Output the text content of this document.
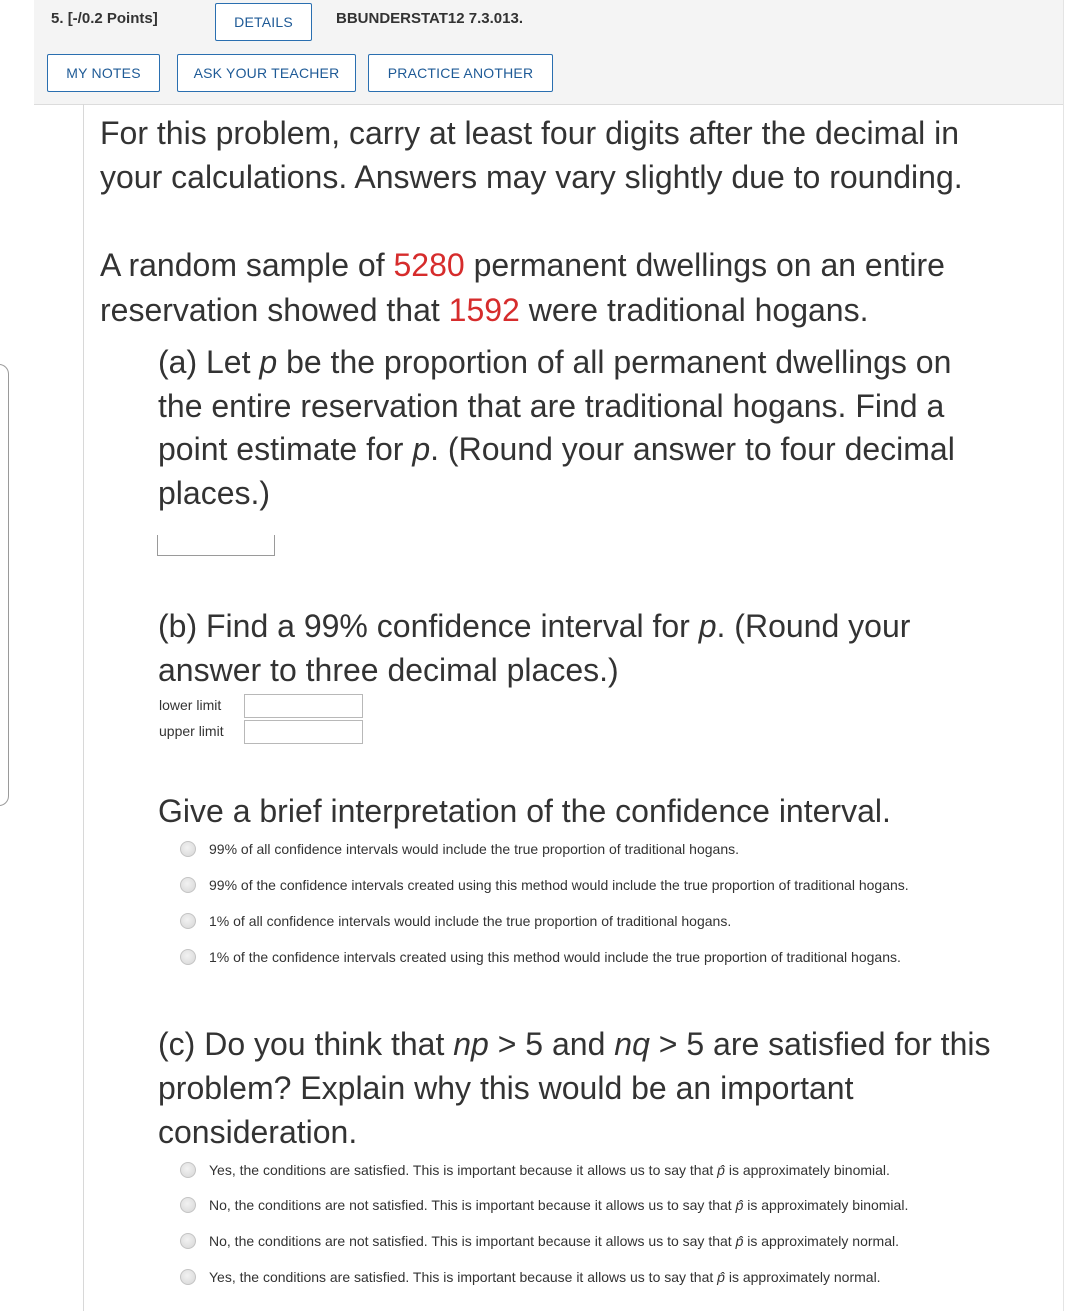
5. [-/0.2 Points]	DETAILS	BBUNDERSTAT12 7.3.013.
MY NOTES	ASK YOUR TEACHER	PRACTICE ANOTHER

For this problem, carry at least four digits after the decimal in

your calculations. Answers may vary slightly due to rounding.

A random sample of 5280 permanent dwellings on an entire

reservation showed that 1592 were traditional hogans.

(a) Let p be the proportion of all permanent dwellings on

the entire reservation that are traditional hogans. Find a

point estimate for p. (Round your answer to four decimal

places.)

(b) Find a 99% confidence interval for p. (Round your

answer to three decimal places.)

lower limit
upper limit

Give a brief interpretation of the confidence interval.

99% of all confidence intervals would include the true proportion of traditional hogans.
99% of the confidence intervals created using this method would include the true proportion of traditional hogans.
1% of all confidence intervals would include the true proportion of traditional hogans.
1% of the confidence intervals created using this method would include the true proportion of traditional hogans.

(c) Do you think that np > 5 and nq > 5 are satisfied for this

problem? Explain why this would be an important

consideration.

Yes, the conditions are satisfied. This is important because it allows us to say that p̂ is approximately binomial.
No, the conditions are not satisfied. This is important because it allows us to say that p̂ is approximately binomial.
No, the conditions are not satisfied. This is important because it allows us to say that p̂ is approximately normal.
Yes, the conditions are satisfied. This is important because it allows us to say that p̂ is approximately normal.
